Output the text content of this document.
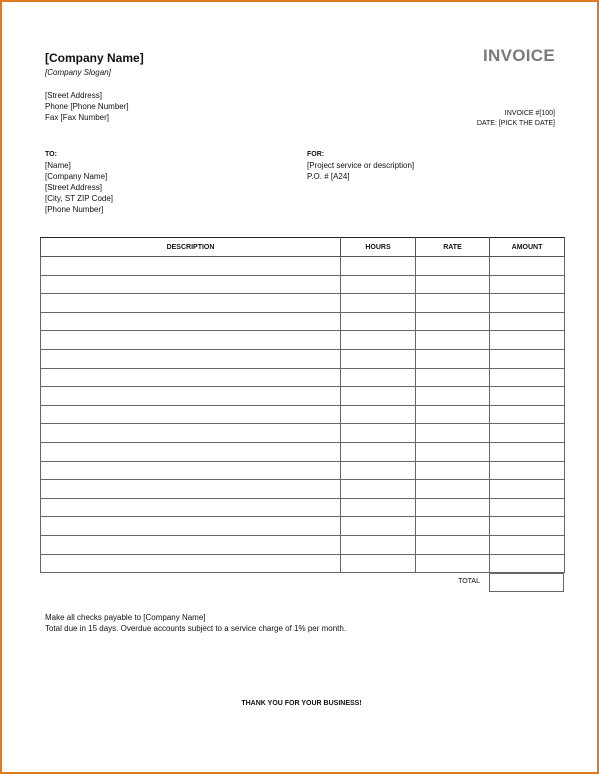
[Company Name]
[Company Slogan]
[Street Address]
Phone [Phone Number]
Fax [Fax Number]
INVOICE
INVOICE #[100]
DATE: [PICK THE DATE]
TO:
[Name]
[Company Name]
[Street Address]
[City, ST ZIP Code]
[Phone Number]
FOR:
[Project service or description]
P.O. # [A24]
DESCRIPTION	HOURS	RATE	AMOUNT

TOTAL
Make all checks payable to [Company Name]
Total due in 15 days. Overdue accounts subject to a service charge of 1% per month.
THANK YOU FOR YOUR BUSINESS!
